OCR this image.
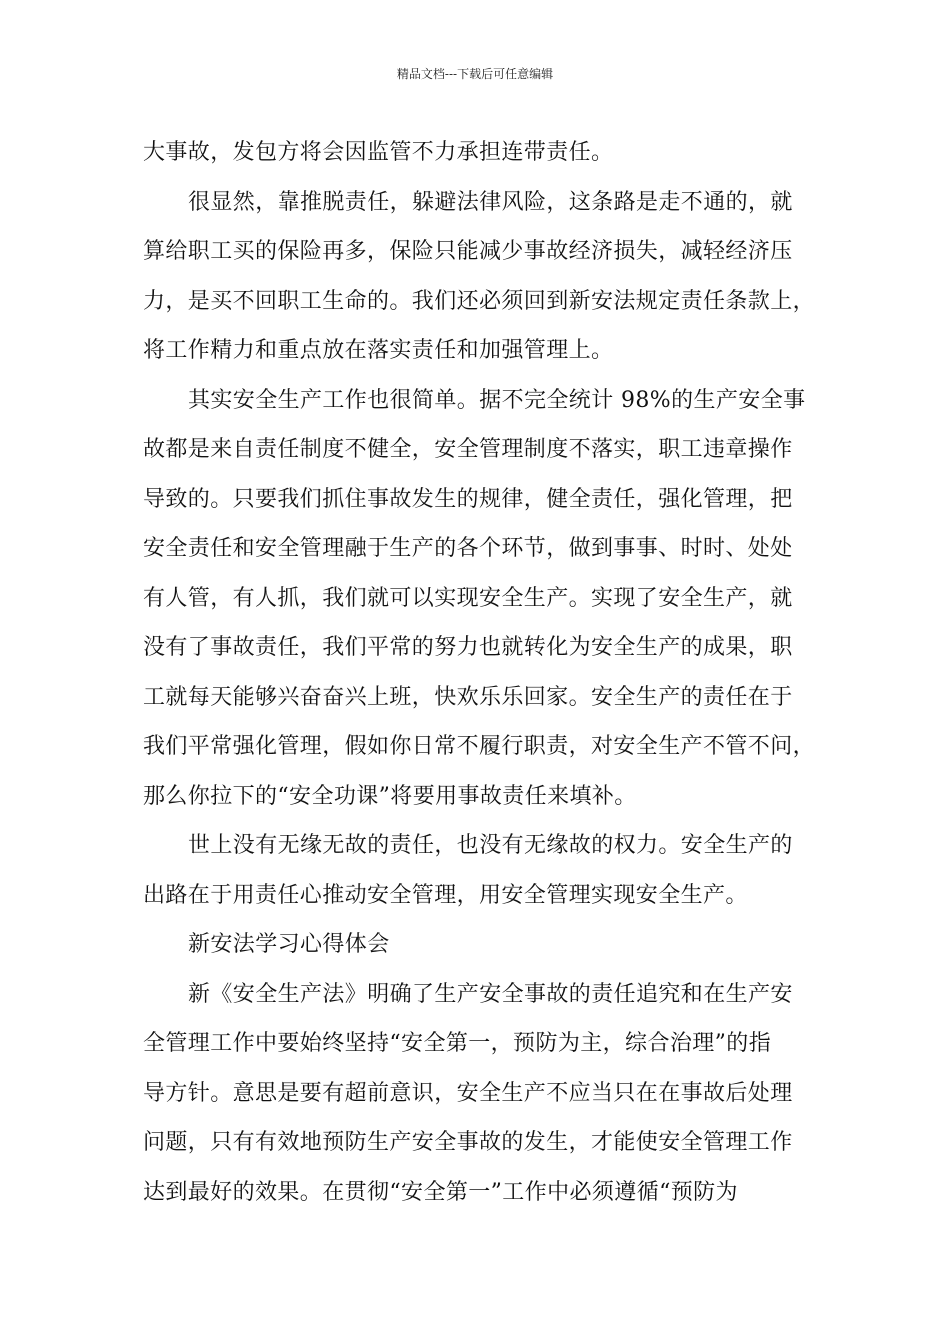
精品文档---下载后可任意编辑
大事故，发包方将会因监管不力承担连带责任。
很显然，靠推脱责任，躲避法律风险，这条路是走不通的，就
算给职工买的保险再多，保险只能减少事故经济损失，减轻经济压
力，是买不回职工生命的。我们还必须回到新安法规定责任条款上，
将工作精力和重点放在落实责任和加强管理上。
其实安全生产工作也很简单。据不完全统计 98%的生产安全事
故都是来自责任制度不健全，安全管理制度不落实，职工违章操作
导致的。只要我们抓住事故发生的规律，健全责任，强化管理，把
安全责任和安全管理融于生产的各个环节，做到事事、时时、处处
有人管，有人抓，我们就可以实现安全生产。实现了安全生产，就
没有了事故责任，我们平常的努力也就转化为安全生产的成果，职
工就每天能够兴奋奋兴上班，快欢乐乐回家。安全生产的责任在于
我们平常强化管理，假如你日常不履行职责，对安全生产不管不问，
那么你拉下的“安全功课”将要用事故责任来填补。
世上没有无缘无故的责任，也没有无缘故的权力。安全生产的
出路在于用责任心推动安全管理，用安全管理实现安全生产。
新安法学习心得体会
新《安全生产法》明确了生产安全事故的责任追究和在生产安
全管理工作中要始终坚持“安全第一，预防为主，综合治理”的指
导方针。意思是要有超前意识，安全生产不应当只在在事故后处理
问题，只有有效地预防生产安全事故的发生，才能使安全管理工作
达到最好的效果。在贯彻“安全第一”工作中必须遵循“预防为
